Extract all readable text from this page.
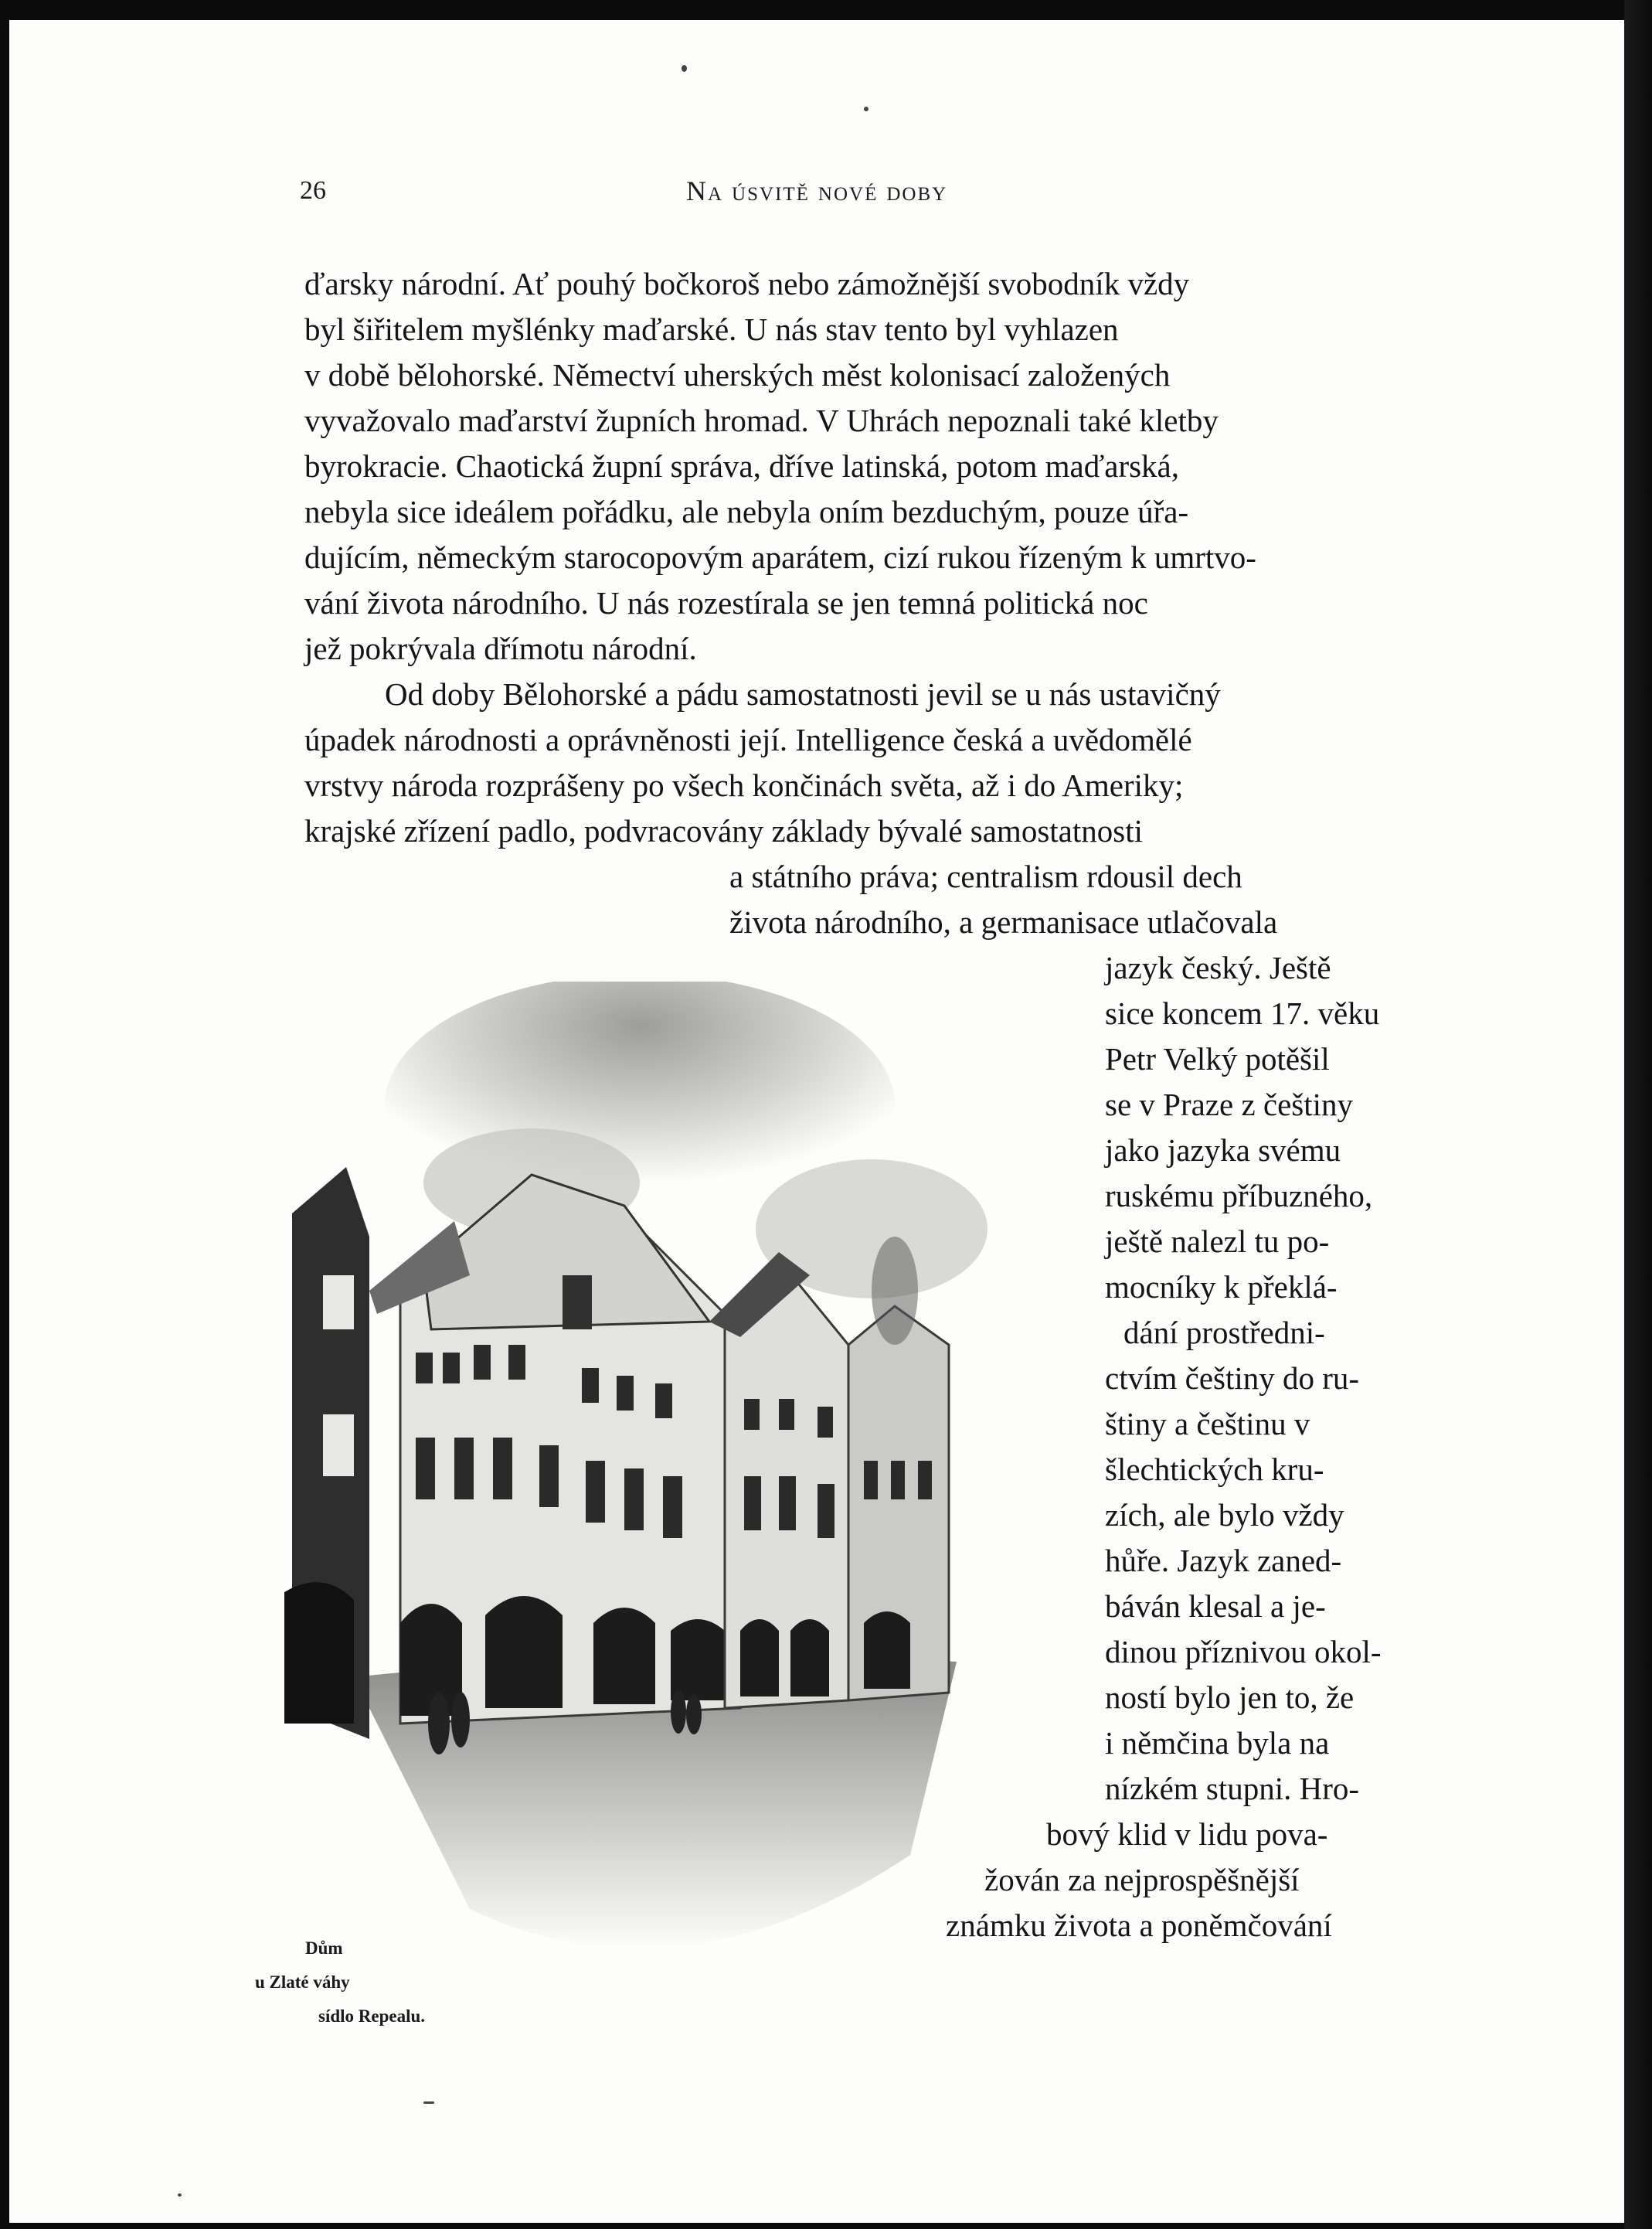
26	Na úsvitě nové doby
ďarsky národní. Ať pouhý bočkoroš nebo zámožnější svobodník vždy
byl šiřitelem myšlénky maďarské. U nás stav tento byl vyhlazen
v době bělohorské. Němectví uherských měst kolonisací založených
vyvažovalo maďarství župních hromad. V Uhrách nepoznali také kletby
byrokracie. Chaotická župní správa, dříve latinská, potom maďarská,
nebyla sice ideálem pořádku, ale nebyla oním bezduchým, pouze úřa-
dujícím, německým starocopovým aparátem, cizí rukou řízeným k umrtvo-
vání života národního. U nás rozestírala se jen temná politická noc
jež pokrývala dřímotu národní.
Od doby Bělohorské a pádu samostatnosti jevil se u nás ustavičný
úpadek národnosti a oprávněnosti její. Intelligence česká a uvědomělé
vrstvy národa rozprášeny po všech končinách světa, až i do Ameriky;
krajské zřízení padlo, podvracovány základy bývalé samostatnosti
a státního práva; centralism rdousil dech
života národního, a germanisace utlačovala
jazyk český. Ještě
sice koncem 17. věku
Petr Velký potěšil
se v Praze z češtiny
jako jazyka svému
ruskému příbuzného,
ještě nalezl tu po-
mocníky k překlá-
dání prostředni-
ctvím češtiny do ru-
štiny a češtinu v
šlechtických kru-
zích, ale bylo vždy
hůře. Jazyk zaned-
báván klesal a je-
dinou příznivou okol-
ností bylo jen to, že
i němčina byla na
nízkém stupni. Hro-
bový klid v lidu pova-
žován za nejprospěšnější
známku života a poněmčování
Dům
u Zlaté váhy
sídlo Repealu.
